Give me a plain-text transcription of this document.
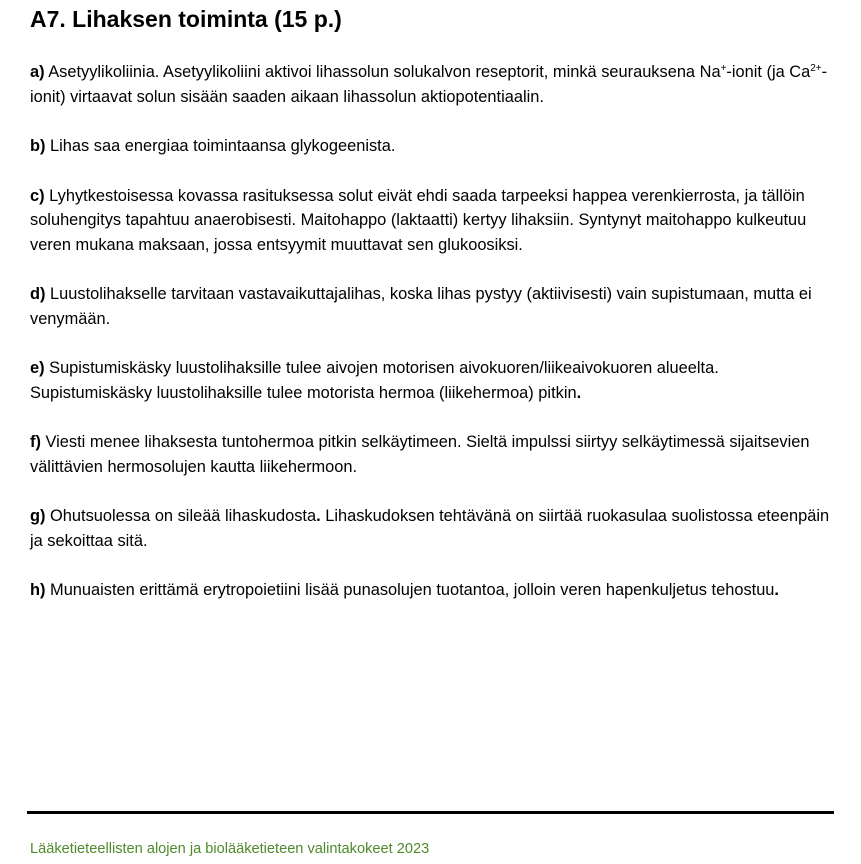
A7. Lihaksen toiminta (15 p.)

a) Asetyylikoliinia. Asetyylikoliini aktivoi lihassolun solukalvon reseptorit, minkä seurauksena Na+-ionit (ja $Ca^{2+}-ionit$) virtaavat solun sisään saaden aikaan lihassolun aktiopotentiaalin.

b) Lihas saa energiaa toimintaansa glykogeenista.

c) Lyhytkestoisessa kovassa rasituksessa solut eivät ehdi saada tarpeeksi happea verenkierrosta, ja tällöin soluhengitys tapahtuu anaerobisesti. Maitohappo (laktaatti) kertyy lihaksiin. Syntynyt maitohappo kulkeutuu veren mukana maksaan, jossa entsyymit muuttavat sen glukoosiksi.

d) Luustolihakselle tarvitaan vastavaikuttajalihas, koska lihas pystyy (aktiivisesti) vain supistumaan, mutta ei venymään.

e) Supistumiskäsky luustolihaksille tulee aivojen motorisen aivokuoren/liikeaivokuoren alueelta. Supistumiskäsky luustolihaksille tulee motorista hermoa (liikehermoa) pitkin.

f) Viesti menee lihaksesta tuntohermoa pitkin selkäytimeen. Sieltä impulssi siirtyy selkäytimessä sijaitsevien välittävien hermosolujen kautta liikehermoon.

g) Ohutsuolessa on sileää lihaskudosta. Lihaskudoksen tehtävänä on siirtää ruokasulaa suolistossa eteenpäin ja sekoittaa sitä.

h) Munuaisten erittämä erytropoietiini lisää punasolujen tuotantoa, jolloin veren hapenkuljetus tehostuu.

Lääketieteellisten alojen ja biolääketieteen valintakokeet 2023
